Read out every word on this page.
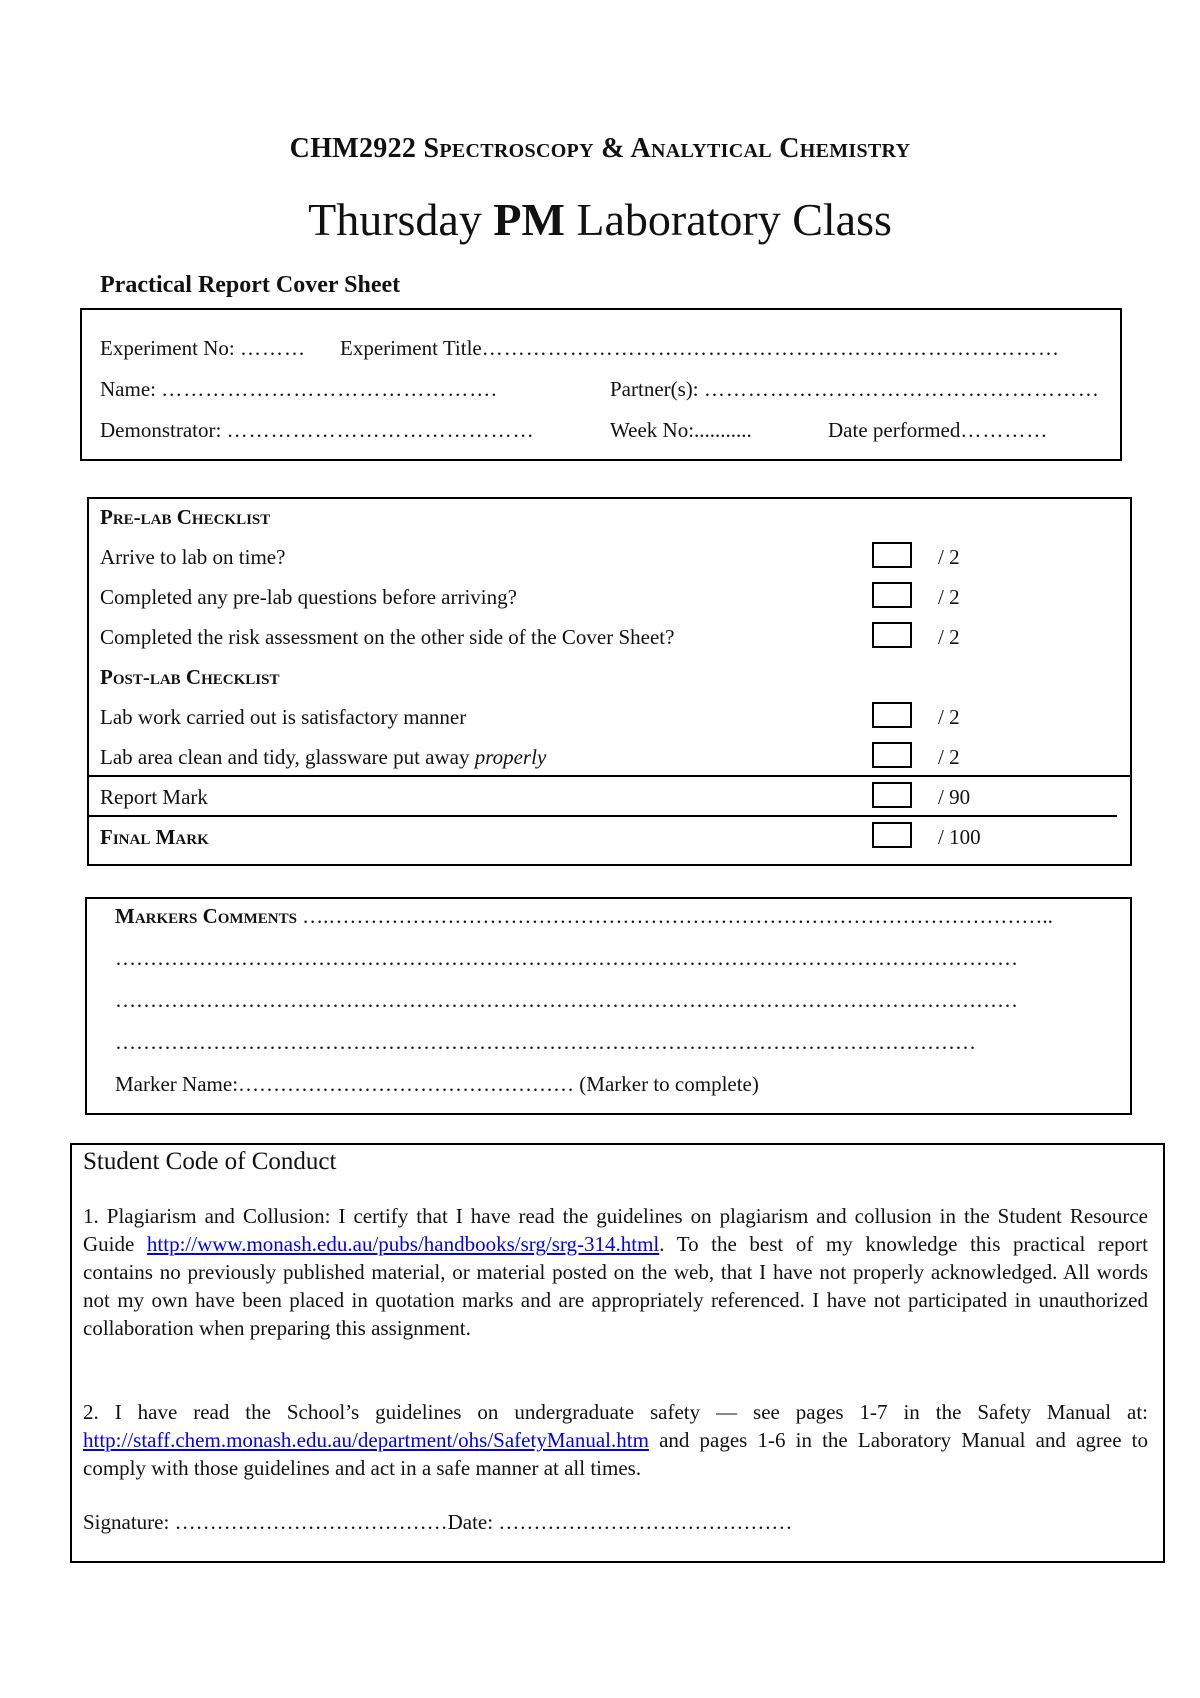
CHM2922 Spectroscopy & Analytical Chemistry
Thursday PM Laboratory Class
Practical Report Cover Sheet
Experiment No: ……… Experiment Title……………………….……………………………………………
Name: ……………………………………….	Partner(s): ………………………………………………
Demonstrator: ……………………………………	Week No:...........	Date performed…………
Pre-lab Checklist
Arrive to lab on time?	/ 2
Completed any pre-lab questions before arriving?	/ 2
Completed the risk assessment on the other side of the Cover Sheet?	/ 2
Post-lab Checklist
Lab work carried out is satisfactory manner	/ 2
Lab area clean and tidy, glassware put away properly	/ 2
Report Mark	/ 90
Final Mark	/ 100
Markers Comments ….…………………………………………………………………………………………..
…………………………………………………………………………………………………………………
…………………………………………………………………………………………………………………
……………………………………………………………………………………………………………
Marker Name:………………………………………… (Marker to complete)
Student Code of Conduct
1. Plagiarism and Collusion: I certify that I have read the guidelines on plagiarism and collusion in the Student Resource Guide http://www.monash.edu.au/pubs/handbooks/srg/srg-314.html. To the best of my knowledge this practical report contains no previously published material, or material posted on the web, that I have not properly acknowledged. All words not my own have been placed in quotation marks and are appropriately referenced. I have not participated in unauthorized collaboration when preparing this assignment.
2. I have read the School’s guidelines on undergraduate safety — see pages 1-7 in the Safety Manual at: http://staff.chem.monash.edu.au/department/ohs/SafetyManual.htm and pages 1-6 in the Laboratory Manual and agree to comply with those guidelines and act in a safe manner at all times.
Signature: …………………………………Date: ……………………………………
